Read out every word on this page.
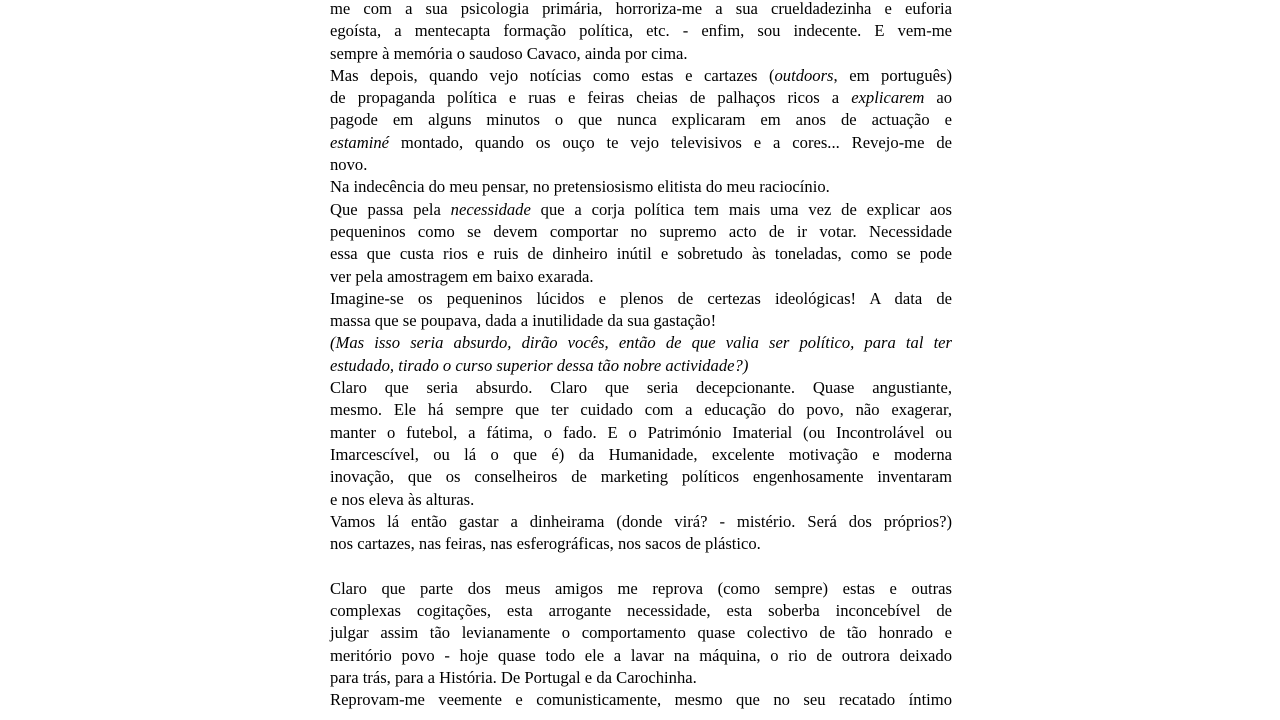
me com a sua psicologia primária, horroriza-me a sua crueldadezinha e euforia
egoísta, a mentecapta formação política, etc. - enfim, sou indecente. E vem-me
sempre à memória o saudoso Cavaco, ainda por cima.

Mas depois, quando vejo notícias como estas e cartazes (outdoors, em português)
de propaganda política e ruas e feiras cheias de palhaços ricos a explicarem ao
pagode em alguns minutos o que nunca explicaram em anos de actuação e
estaminé montado, quando os ouço te vejo televisivos e a cores... Revejo-me de
novo.

Na indecência do meu pensar, no pretensiosismo elitista do meu raciocínio.

Que passa pela necessidade que a corja política tem mais uma vez de explicar aos
pequeninos como se devem comportar no supremo acto de ir votar. Necessidade
essa que custa rios e ruis de dinheiro inútil e sobretudo às toneladas, como se pode
ver pela amostragem em baixo exarada.

Imagine-se os pequeninos lúcidos e plenos de certezas ideológicas! A data de
massa que se poupava, dada a inutilidade da sua gastação!

(Mas isso seria absurdo, dirão vocês, então de que valia ser político, para tal ter
estudado, tirado o curso superior dessa tão nobre actividade?)

Claro que seria absurdo. Claro que seria decepcionante. Quase angustiante,
mesmo. Ele há sempre que ter cuidado com a educação do povo, não exagerar,
manter o futebol, a fátima, o fado. E o Património Imaterial (ou Incontrolável ou
Imarcescível, ou lá o que é) da Humanidade, excelente motivação e moderna
inovação, que os conselheiros de marketing políticos engenhosamente inventaram
e nos eleva às alturas.

Vamos lá então gastar a dinheirama (donde virá? - mistério. Será dos próprios?)
nos cartazes, nas feiras, nas esferográficas, nos sacos de plástico.

Claro que parte dos meus amigos me reprova (como sempre) estas e outras
complexas cogitações, esta arrogante necessidade, esta soberba inconcebível de
julgar assim tão levianamente o comportamento quase colectivo de tão honrado e
meritório povo - hoje quase todo ele a lavar na máquina, o rio de outrora deixado
para trás, para a História. De Portugal e da Carochinha.

Reprovam-me veemente e comunisticamente, mesmo que no seu recatado íntimo
